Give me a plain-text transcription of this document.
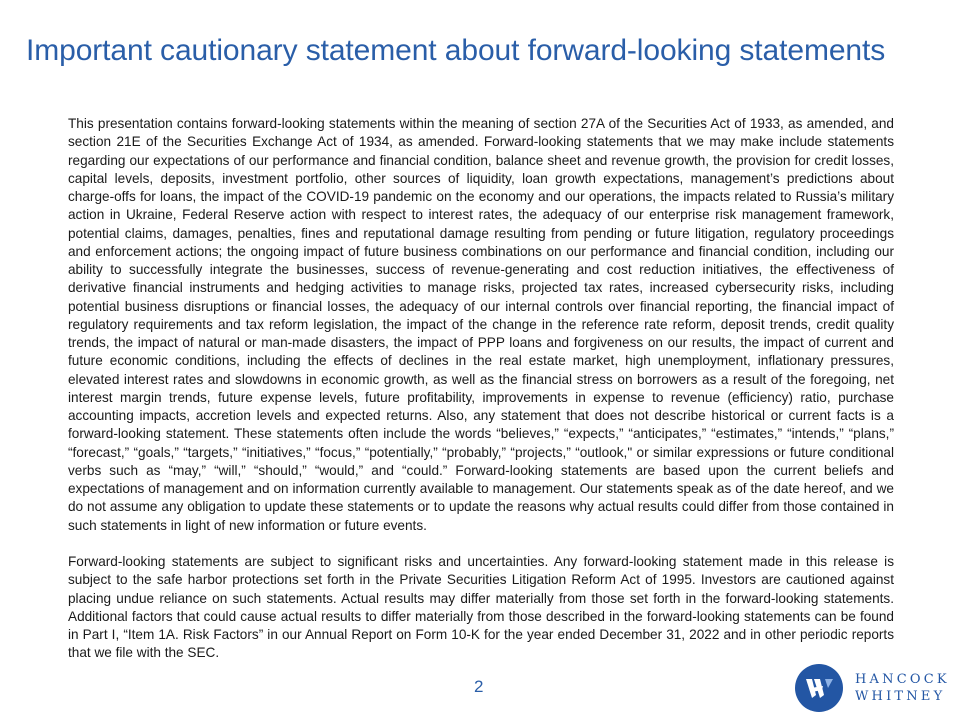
Important cautionary statement about forward-looking statements

This presentation contains forward-looking statements within the meaning of section 27A of the Securities Act of 1933, as amended, and section 21E of the Securities Exchange Act of 1934, as amended. Forward-looking statements that we may make include statements regarding our expectations of our performance and financial condition, balance sheet and revenue growth, the provision for credit losses, capital levels, deposits, investment portfolio, other sources of liquidity, loan growth expectations, management’s predictions about charge-offs for loans, the impact of the COVID-19 pandemic on the economy and our operations, the impacts related to Russia’s military action in Ukraine, Federal Reserve action with respect to interest rates, the adequacy of our enterprise risk management framework, potential claims, damages, penalties, fines and reputational damage resulting from pending or future litigation, regulatory proceedings and enforcement actions; the ongoing impact of future business combinations on our performance and financial condition, including our ability to successfully integrate the businesses, success of revenue-generating and cost reduction initiatives, the effectiveness of derivative financial instruments and hedging activities to manage risks, projected tax rates, increased cybersecurity risks, including potential business disruptions or financial losses, the adequacy of our internal controls over financial reporting, the financial impact of regulatory requirements and tax reform legislation, the impact of the change in the reference rate reform, deposit trends, credit quality trends, the impact of natural or man-made disasters, the impact of PPP loans and forgiveness on our results, the impact of current and future economic conditions, including the effects of declines in the real estate market, high unemployment, inflationary pressures, elevated interest rates and slowdowns in economic growth, as well as the financial stress on borrowers as a result of the foregoing, net interest margin trends, future expense levels, future profitability, improvements in expense to revenue (efficiency) ratio, purchase accounting impacts, accretion levels and expected returns. Also, any statement that does not describe historical or current facts is a forward-looking statement. These statements often include the words “believes,” “expects,” “anticipates,” “estimates,” “intends,” “plans,” “forecast,” “goals,” “targets,” “initiatives,” “focus,” “potentially,” “probably,” “projects,” “outlook," or similar expressions or future conditional verbs such as “may,” “will,” “should,” “would,” and “could.” Forward-looking statements are based upon the current beliefs and expectations of management and on information currently available to management. Our statements speak as of the date hereof, and we do not assume any obligation to update these statements or to update the reasons why actual results could differ from those contained in such statements in light of new information or future events.

Forward-looking statements are subject to significant risks and uncertainties. Any forward-looking statement made in this release is subject to the safe harbor protections set forth in the Private Securities Litigation Reform Act of 1995. Investors are cautioned against placing undue reliance on such statements. Actual results may differ materially from those set forth in the forward-looking statements. Additional factors that could cause actual results to differ materially from those described in the forward-looking statements can be found in Part I, “Item 1A. Risk Factors” in our Annual Report on Form 10-K for the year ended December 31, 2022 and in other periodic reports that we file with the SEC.

2	HANCOCK
WHITNEY
